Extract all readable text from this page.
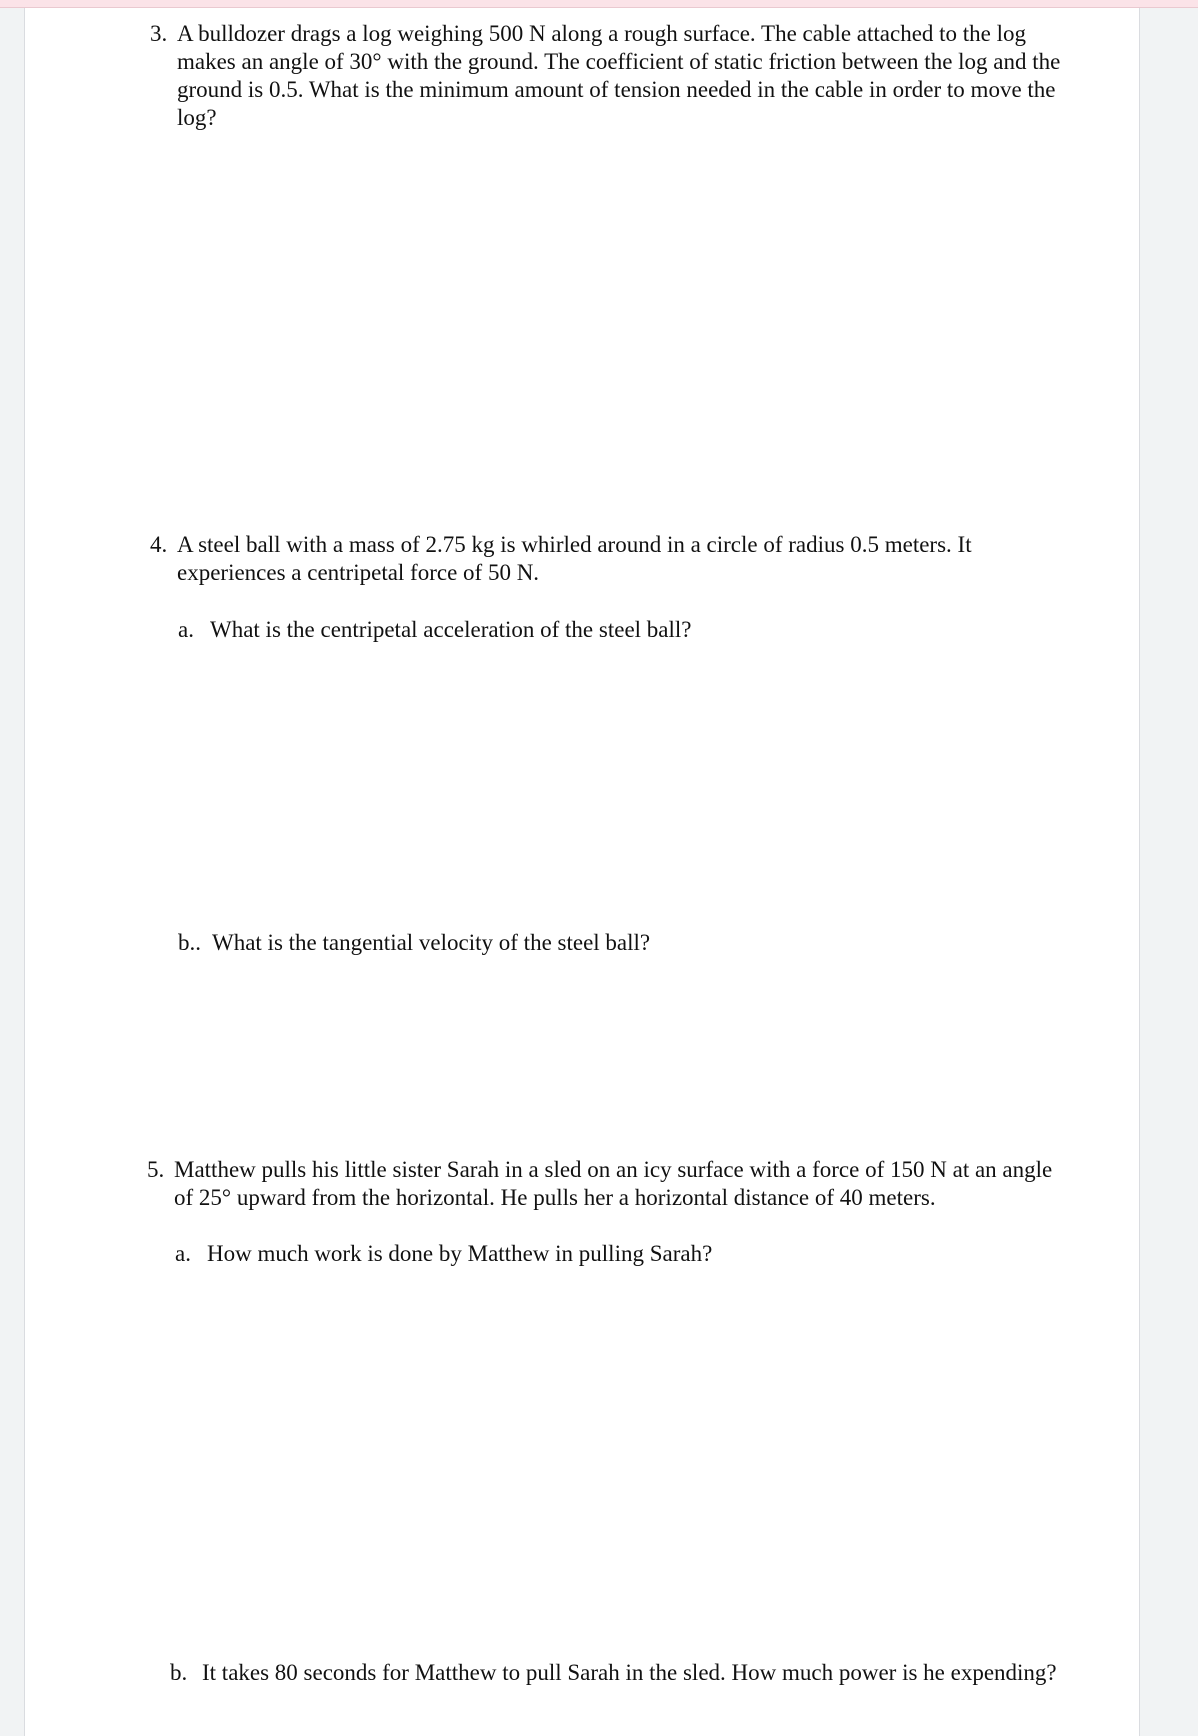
3. A bulldozer drags a log weighing 500 N along a rough surface. The cable attached to the log makes an angle of 30° with the ground. The coefficient of static friction between the log and the ground is 0.5. What is the minimum amount of tension needed in the cable in order to move the log?
4. A steel ball with a mass of 2.75 kg is whirled around in a circle of radius 0.5 meters. It experiences a centripetal force of 50 N.
a. What is the centripetal acceleration of the steel ball?
b.. What is the tangential velocity of the steel ball?
5. Matthew pulls his little sister Sarah in a sled on an icy surface with a force of 150 N at an angle of 25° upward from the horizontal. He pulls her a horizontal distance of 40 meters.
a. How much work is done by Matthew in pulling Sarah?
b. It takes 80 seconds for Matthew to pull Sarah in the sled. How much power is he expending?
